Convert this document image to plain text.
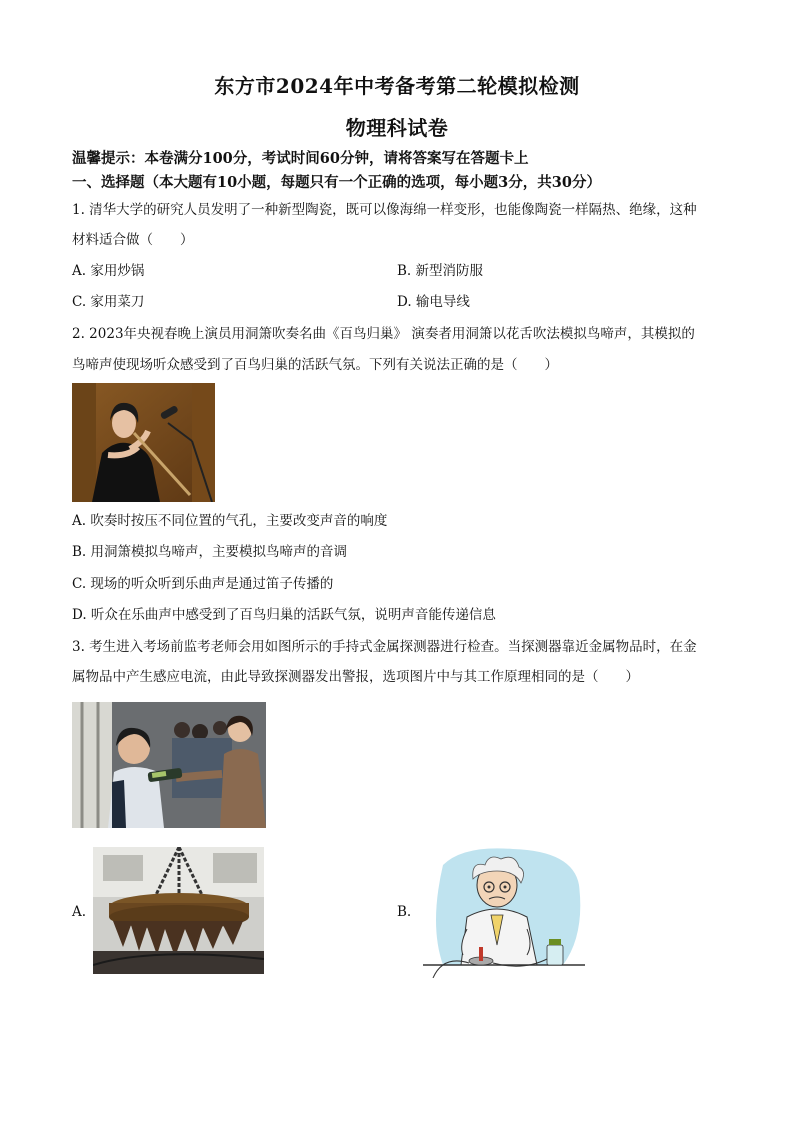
东方市2024年中考备考第二轮模拟检测
物理科试卷
温馨提示：本卷满分100分，考试时间60分钟，请将答案写在答题卡上
一、选择题（本大题有10小题，每题只有一个正确的选项，每小题3分，共30分）
1. 清华大学的研究人员发明了一种新型陶瓷，既可以像海绵一样变形，也能像陶瓷一样隔热、绝缘，这种
材料适合做（　　）
A. 家用炒锅	B. 新型消防服
C. 家用菜刀	D. 输电导线
2. 2023年央视春晚上演员用洞箫吹奏名曲《百鸟归巢》 演奏者用洞箫以花舌吹法模拟鸟啼声，其模拟的
鸟啼声使现场听众感受到了百鸟归巢的活跃气氛。下列有关说法正确的是（　　）
A. 吹奏时按压不同位置的气孔，主要改变声音的响度
B. 用洞箫模拟鸟啼声，主要模拟鸟啼声的音调
C. 现场的听众听到乐曲声是通过笛子传播的
D. 听众在乐曲声中感受到了百鸟归巢的活跃气氛，说明声音能传递信息
3. 考生进入考场前监考老师会用如图所示的手持式金属探测器进行检查。当探测器靠近金属物品时，在金
属物品中产生感应电流，由此导致探测器发出警报，选项图片中与其工作原理相同的是（　　）
A.	B.
